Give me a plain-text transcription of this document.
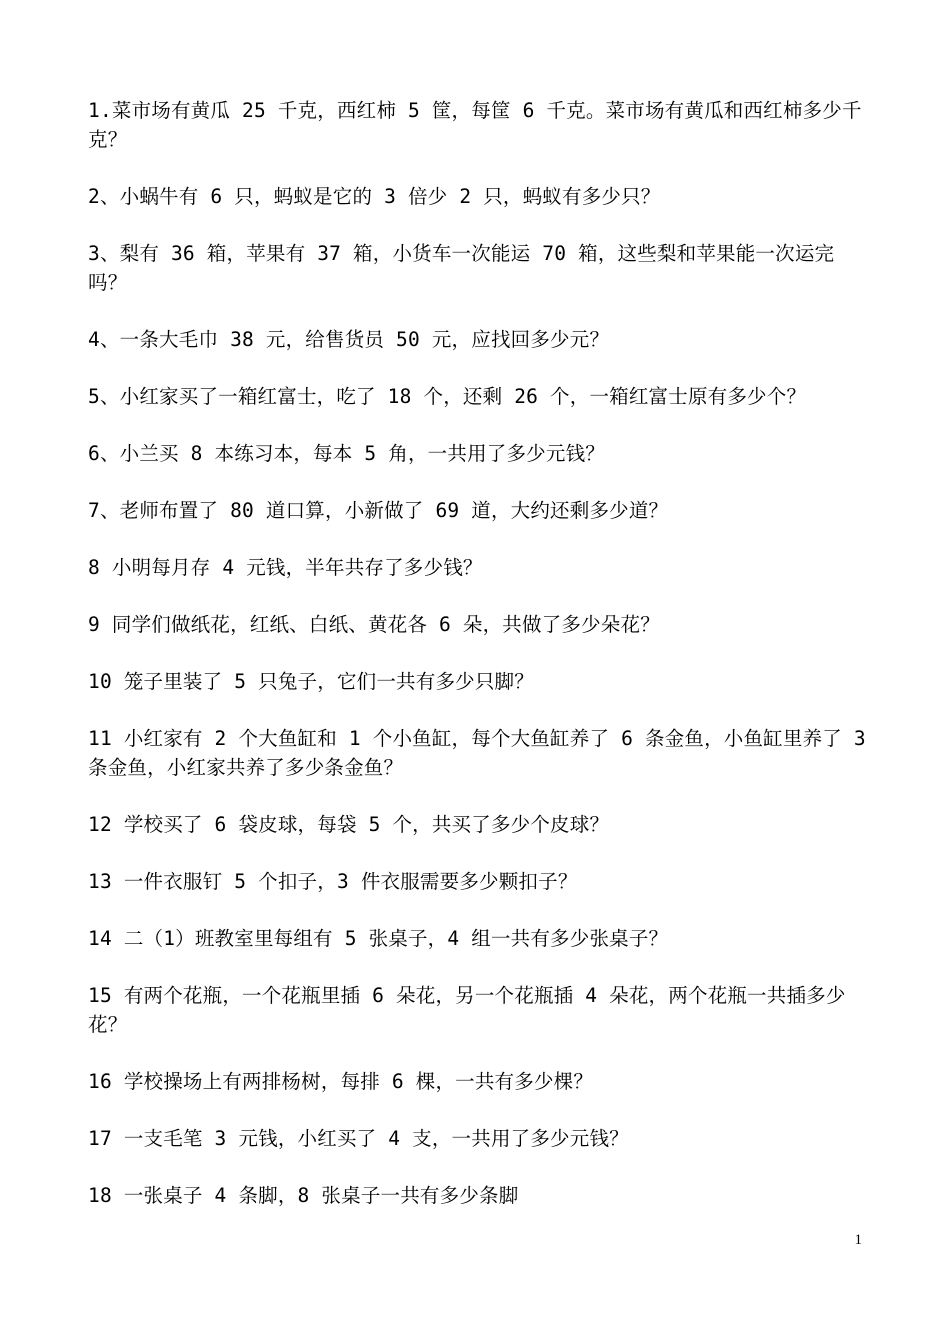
1.菜市场有黄瓜 25 千克，西红柿 5 筐，每筐 6 千克。菜市场有黄瓜和西红柿多少千克？

2、小蜗牛有 6 只，蚂蚁是它的 3 倍少 2 只，蚂蚁有多少只？

3、梨有 36 箱，苹果有 37 箱，小货车一次能运 70 箱，这些梨和苹果能一次运完吗？

4、一条大毛巾 38 元，给售货员 50 元，应找回多少元？

5、小红家买了一箱红富士，吃了 18 个，还剩 26 个，一箱红富士原有多少个？

6、小兰买 8 本练习本，每本 5 角，一共用了多少元钱？

7、老师布置了 80 道口算，小新做了 69 道，大约还剩多少道？

8 小明每月存 4 元钱，半年共存了多少钱？

9 同学们做纸花，红纸、白纸、黄花各 6 朵，共做了多少朵花？

10 笼子里装了 5 只兔子，它们一共有多少只脚？

11 小红家有 2 个大鱼缸和 1 个小鱼缸，每个大鱼缸养了 6 条金鱼，小鱼缸里养了 3 条金鱼，小红家共养了多少条金鱼？

12 学校买了 6 袋皮球，每袋 5 个，共买了多少个皮球？

13 一件衣服钉 5 个扣子，3 件衣服需要多少颗扣子？

14 二（1）班教室里每组有 5 张桌子，4 组一共有多少张桌子？

15 有两个花瓶，一个花瓶里插 6 朵花，另一个花瓶插 4 朵花，两个花瓶一共插多少花？

16 学校操场上有两排杨树，每排 6 棵，一共有多少棵？

17 一支毛笔 3 元钱，小红买了 4 支，一共用了多少元钱？

18 一张桌子 4 条脚，8 张桌子一共有多少条脚

1
